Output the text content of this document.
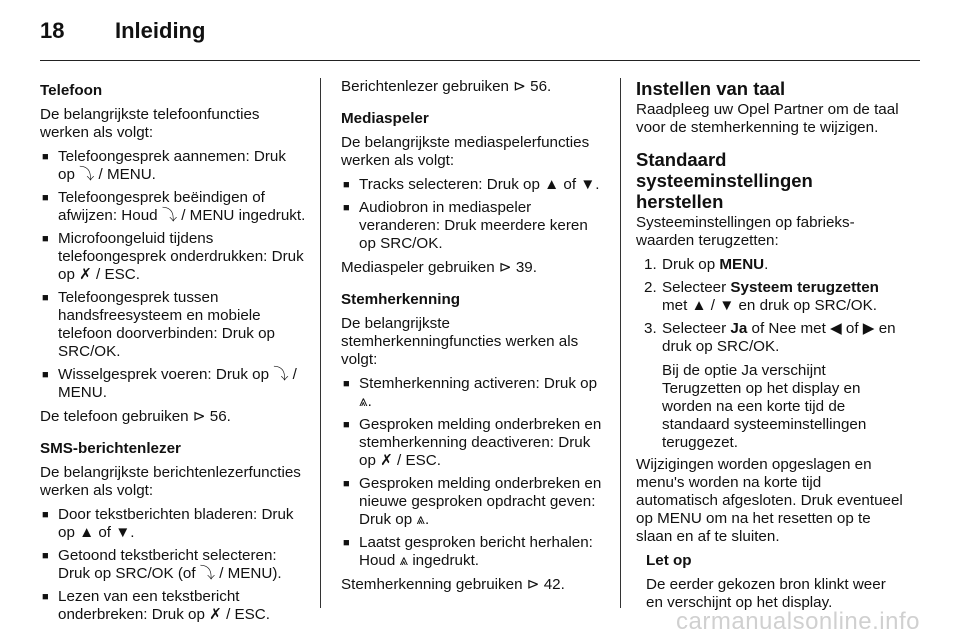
18	Inleiding

Telefoon

De belangrijkste telefoonfuncties werken als volgt:

■ Telefoongesprek aannemen: Druk op ⤵ / MENU.
■ Telefoongesprek beëindigen of afwijzen: Houd ⤵ / MENU ingedrukt.
■ Microfoongeluid tijdens telefoongesprek onderdrukken: Druk op ✗ / ESC.
■ Telefoongesprek tussen handsfreesysteem en mobiele telefoon doorverbinden: Druk op SRC/OK.
■ Wisselgesprek voeren: Druk op ⤵ / MENU.

De telefoon gebruiken ⊳ 56.

SMS-berichtenlezer

De belangrijkste berichtenlezerfuncties werken als volgt:

■ Door tekstberichten bladeren: Druk op ▲ of ▼.
■ Getoond tekstbericht selecteren: Druk op SRC/OK (of ⤵ / MENU).
■ Lezen van een tekstbericht onderbreken: Druk op ✗ / ESC.

Berichtenlezer gebruiken ⊳ 56.

Mediaspeler

De belangrijkste mediaspelerfuncties werken als volgt:

■ Tracks selecteren: Druk op ▲ of ▼.
■ Audiobron in mediaspeler veranderen: Druk meerdere keren op SRC/OK.

Mediaspeler gebruiken ⊳ 39.

Stemherkenning

De belangrijkste stemherkenningfuncties werken als volgt:

■ Stemherkenning activeren: Druk op ⩓.
■ Gesproken melding onderbreken en stemherkenning deactiveren: Druk op ✗ / ESC.
■ Gesproken melding onderbreken en nieuwe gesproken opdracht geven: Druk op ⩓.
■ Laatst gesproken bericht herhalen: Houd ⩓ ingedrukt.

Stemherkenning gebruiken ⊳ 42.

Instellen van taal

Raadpleeg uw Opel Partner om de taal voor de stemherkenning te wijzigen.

Standaard systeeminstellingen herstellen

Systeeminstellingen op fabrieks-waarden terugzetten:

1. Druk op MENU.
2. Selecteer Systeem terugzetten met ▲ / ▼ en druk op SRC/OK.
3. Selecteer Ja of Nee met ◀ of ▶ en druk op SRC/OK.

Bij de optie Ja verschijnt Terugzetten op het display en worden na een korte tijd de standaard systeeminstellingen teruggezet.

Wijzigingen worden opgeslagen en menu's worden na korte tijd automatisch afgesloten. Druk eventueel op MENU om na het resetten op te slaan en af te sluiten.

Let op

De eerder gekozen bron klinkt weer en verschijnt op het display.

carmanualsonline.info
